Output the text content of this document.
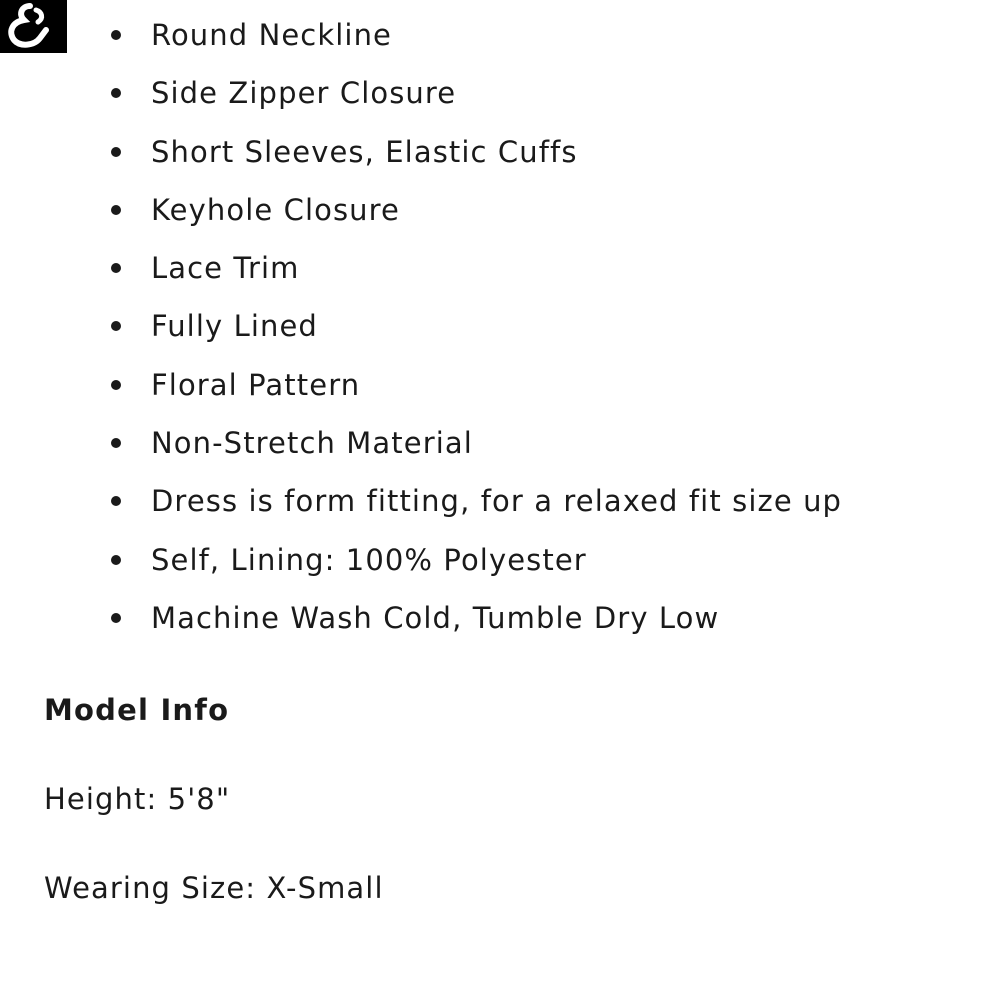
Round Neckline
Side Zipper Closure
Short Sleeves, Elastic Cuffs
Keyhole Closure
Lace Trim
Fully Lined
Floral Pattern
Non-Stretch Material
Dress is form fitting, for a relaxed fit size up
Self, Lining: 100% Polyester
Machine Wash Cold, Tumble Dry Low
Model Info

Height: 5'8"

Wearing Size: X-Small
